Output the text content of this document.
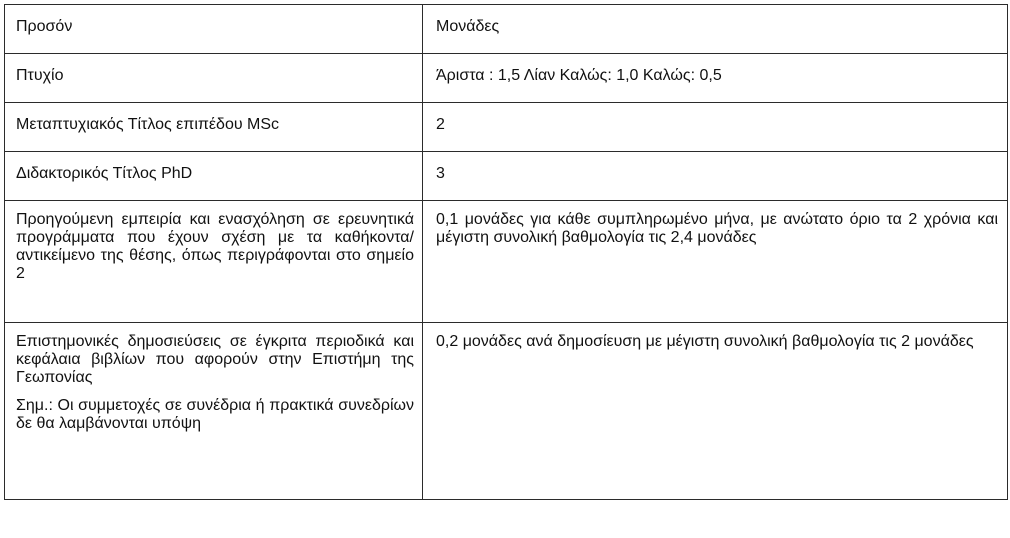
Προσόν	Μονάδες

Πτυχίο	Άριστα : 1,5 Λίαν Καλώς: 1,0 Καλώς: 0,5

Μεταπτυχιακός Τίτλος επιπέδου MSc	2

Διδακτορικός Τίτλος PhD	3

Προηγούμενη εμπειρία και ενασχόληση σε ερευνητικά προγράμματα που έχουν σχέση με τα καθήκοντα/αντικείμενο της θέσης, όπως περιγράφονται στο σημείο 2	0,1 μονάδες για κάθε συμπληρωμένο μήνα, με ανώτατο όριο τα 2 χρόνια και μέγιστη συνολική βαθμολογία τις 2,4 μονάδες

Επιστημονικές δημοσιεύσεις σε έγκριτα περιοδικά και κεφάλαια βιβλίων που αφορούν στην Επιστήμη της Γεωπονίας
Σημ.: Οι συμμετοχές σε συνέδρια ή πρακτικά συνεδρίων δε θα λαμβάνονται υπόψη	0,2 μονάδες ανά δημοσίευση με μέγιστη συνολική βαθμολογία τις 2 μονάδες
